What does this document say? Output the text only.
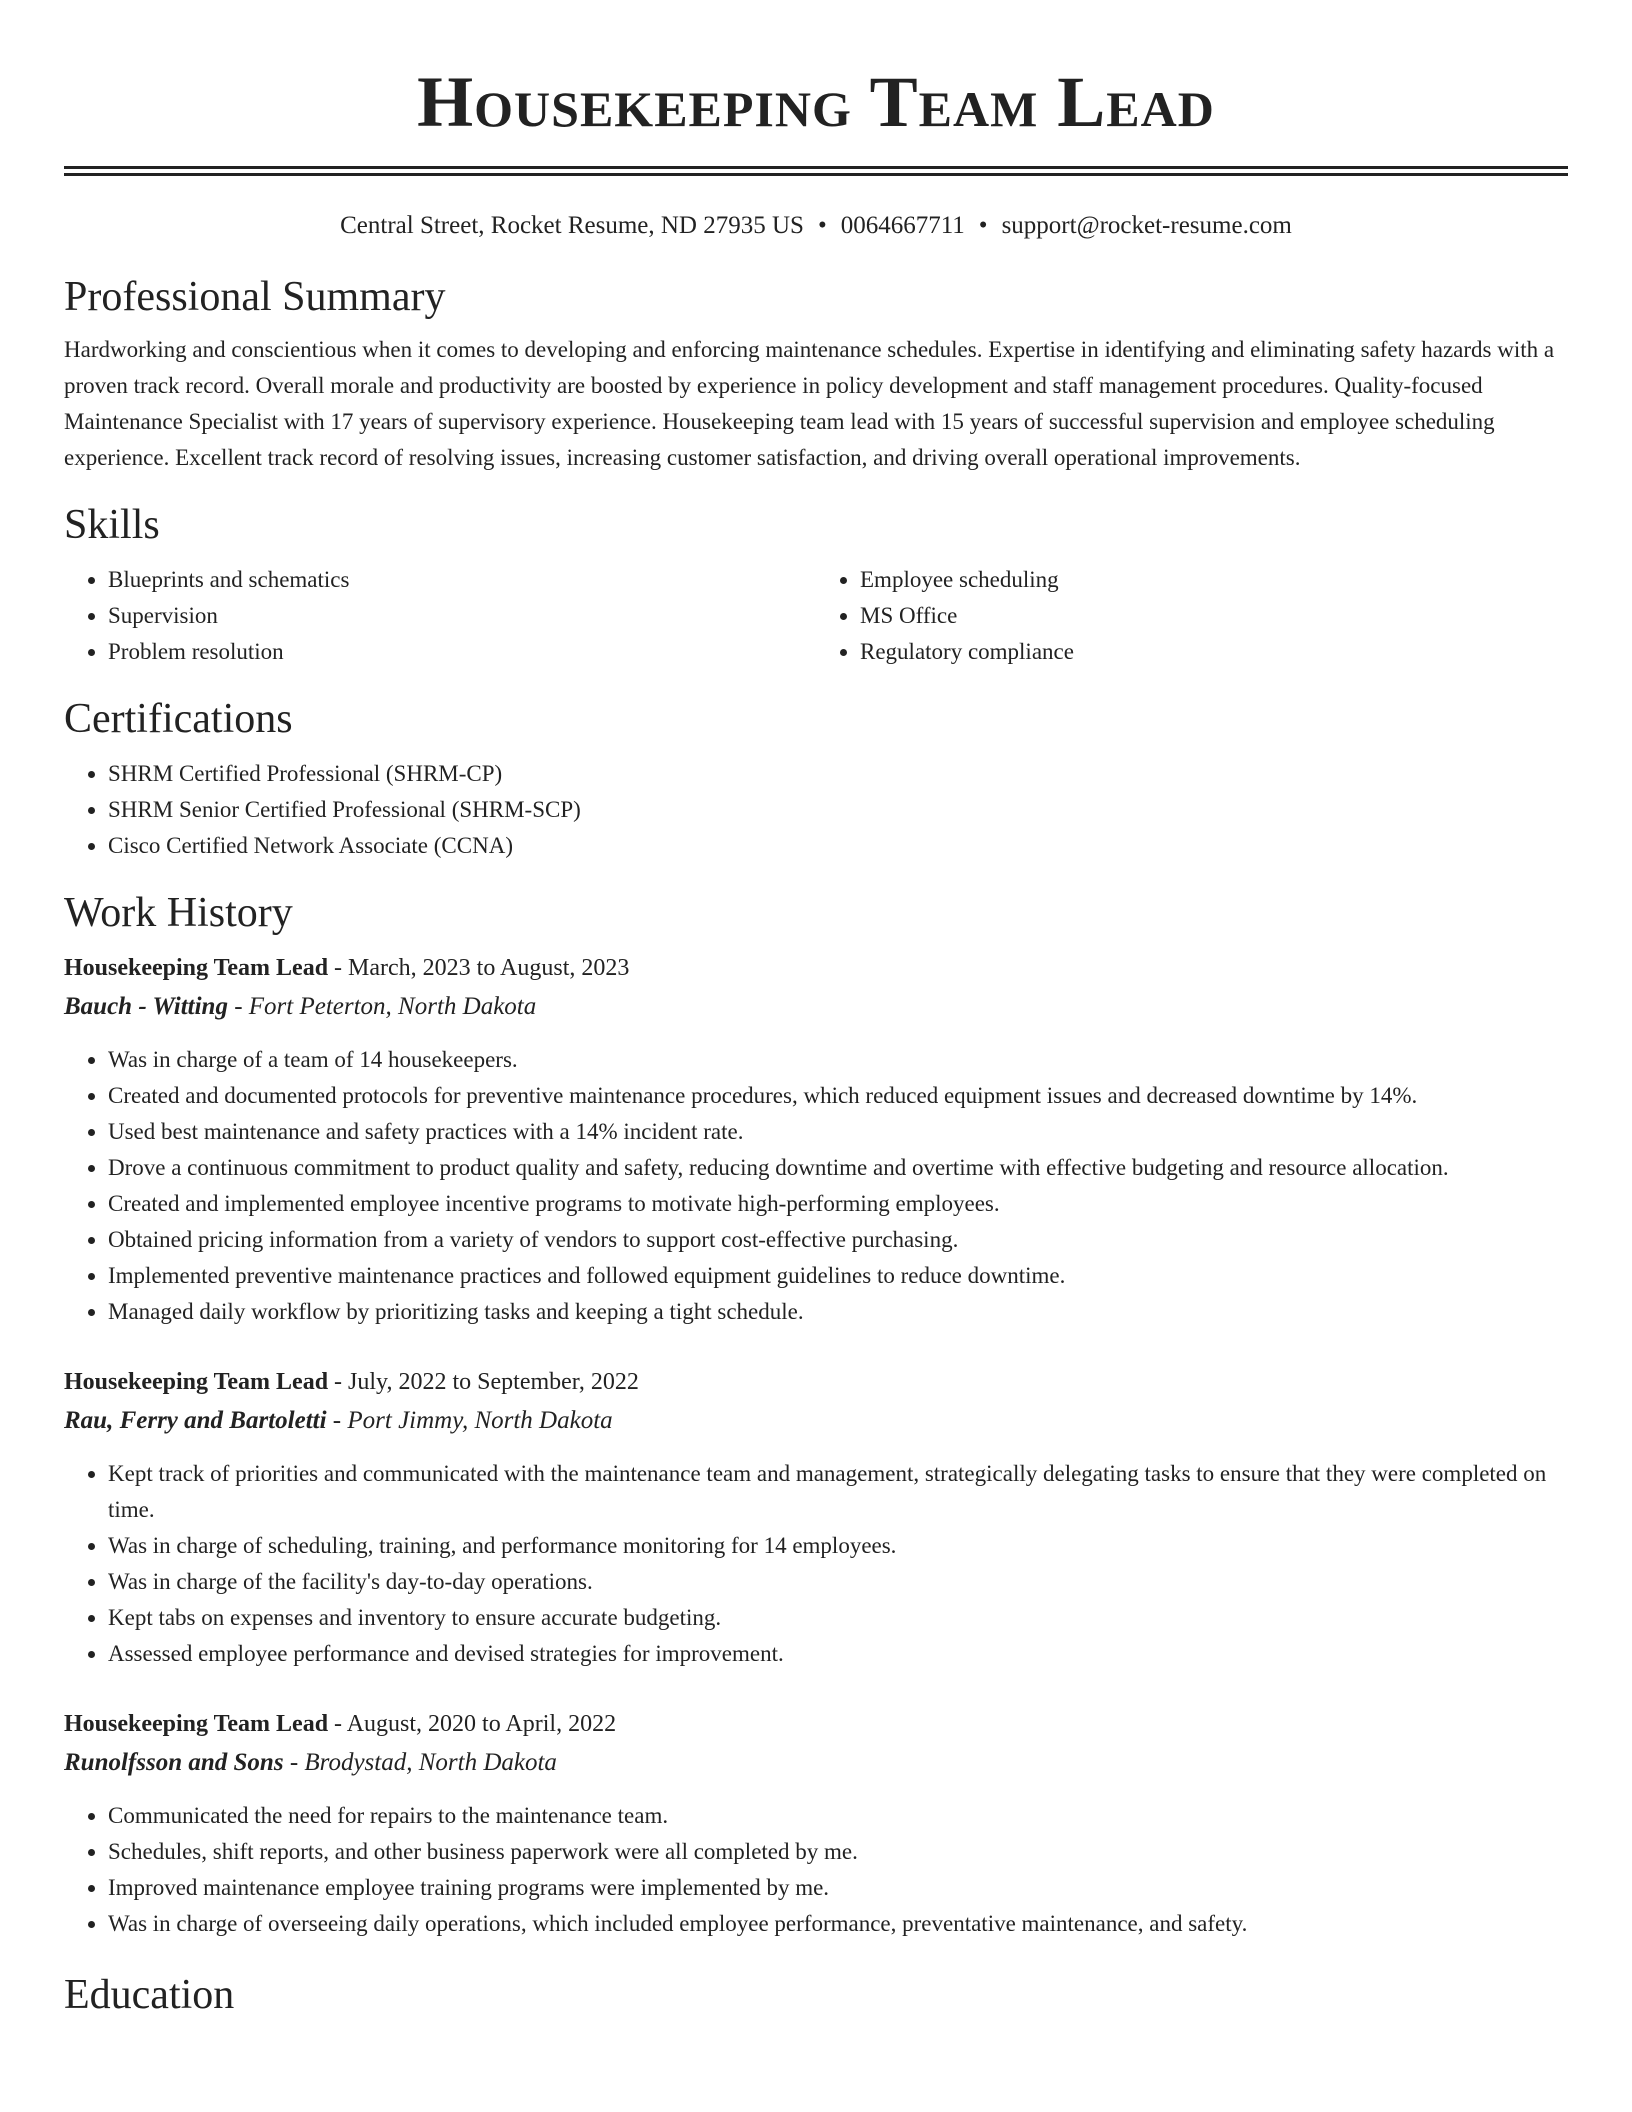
Housekeeping Team Lead
Central Street, Rocket Resume, ND 27935 US • 0064667711 • support@rocket-resume.com
Professional Summary

Hardworking and conscientious when it comes to developing and enforcing maintenance schedules. Expertise in identifying and eliminating safety hazards with a proven track record. Overall morale and productivity are boosted by experience in policy development and staff management procedures. Quality-focused Maintenance Specialist with 17 years of supervisory experience. Housekeeping team lead with 15 years of successful supervision and employee scheduling experience. Excellent track record of resolving issues, increasing customer satisfaction, and driving overall operational improvements.

Skills
• Blueprints and schematics
• Supervision
• Problem resolution
• Employee scheduling
• MS Office
• Regulatory compliance
Certifications
• SHRM Certified Professional (SHRM-CP)
• SHRM Senior Certified Professional (SHRM-SCP)
• Cisco Certified Network Associate (CCNA)
Work History
Housekeeping Team Lead - March, 2023 to August, 2023
Bauch - Witting - Fort Peterton, North Dakota
• Was in charge of a team of 14 housekeepers.
• Created and documented protocols for preventive maintenance procedures, which reduced equipment issues and decreased downtime by 14%.
• Used best maintenance and safety practices with a 14% incident rate.
• Drove a continuous commitment to product quality and safety, reducing downtime and overtime with effective budgeting and resource allocation.
• Created and implemented employee incentive programs to motivate high-performing employees.
• Obtained pricing information from a variety of vendors to support cost-effective purchasing.
• Implemented preventive maintenance practices and followed equipment guidelines to reduce downtime.
• Managed daily workflow by prioritizing tasks and keeping a tight schedule.
Housekeeping Team Lead - July, 2022 to September, 2022
Rau, Ferry and Bartoletti - Port Jimmy, North Dakota
• Kept track of priorities and communicated with the maintenance team and management, strategically delegating tasks to ensure that they were completed on time.
• Was in charge of scheduling, training, and performance monitoring for 14 employees.
• Was in charge of the facility's day-to-day operations.
• Kept tabs on expenses and inventory to ensure accurate budgeting.
• Assessed employee performance and devised strategies for improvement.
Housekeeping Team Lead - August, 2020 to April, 2022
Runolfsson and Sons - Brodystad, North Dakota
• Communicated the need for repairs to the maintenance team.
• Schedules, shift reports, and other business paperwork were all completed by me.
• Improved maintenance employee training programs were implemented by me.
• Was in charge of overseeing daily operations, which included employee performance, preventative maintenance, and safety.
Education
